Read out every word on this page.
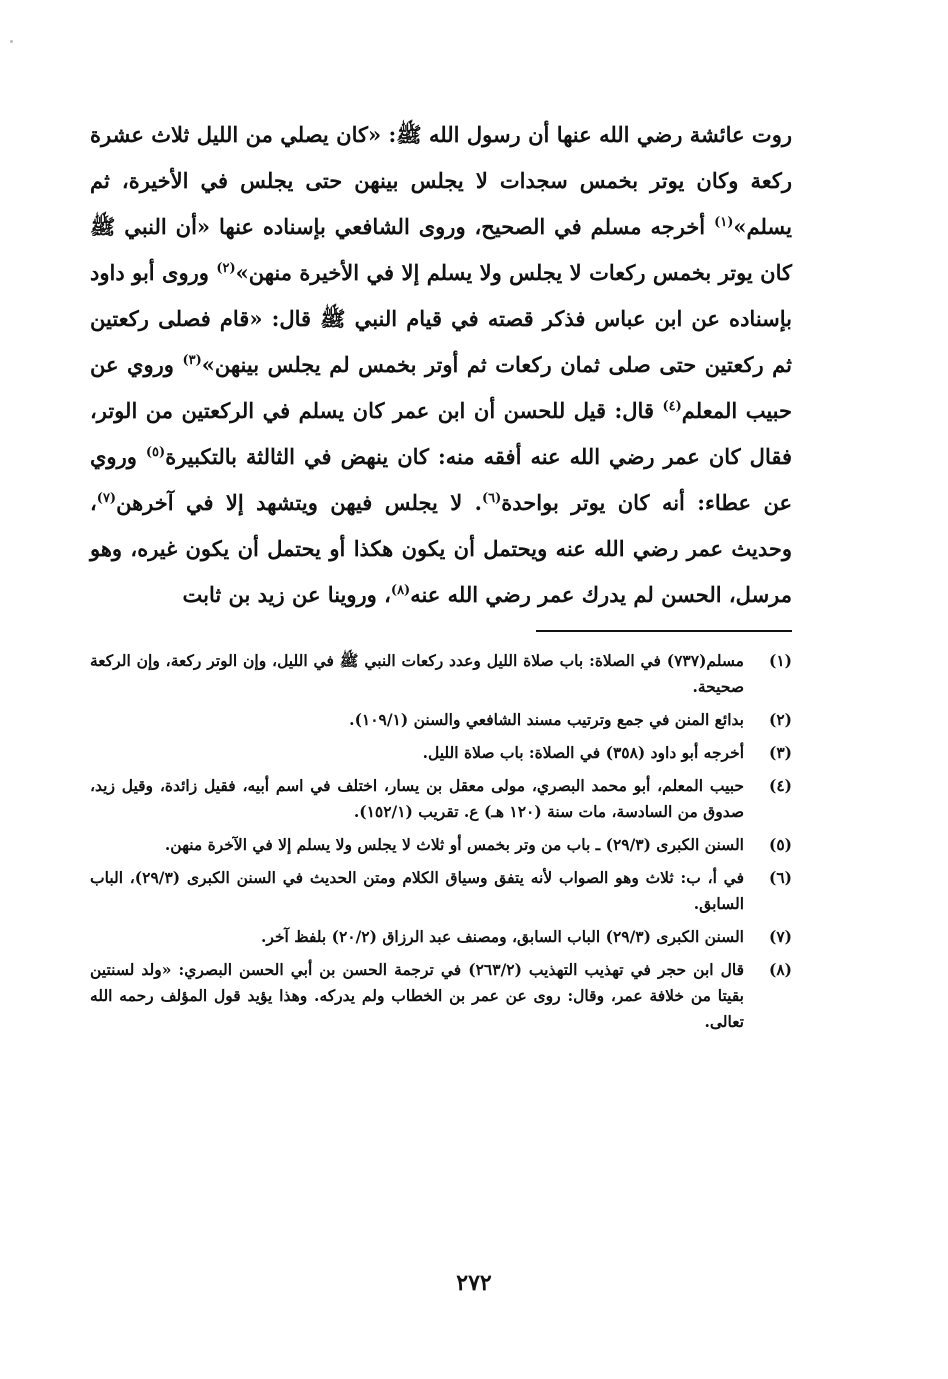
روت عائشة رضي الله عنها أن رسول الله ﷺ: «كان يصلي من الليل ثلاث عشرة ركعة وكان يوتر بخمس سجدات لا يجلس بينهن حتى يجلس في الأخيرة، ثم يسلم»$^{(١)}$ أخرجه مسلم في الصحيح، وروى الشافعي بإسناده عنها «أن النبي ﷺ كان يوتر بخمس ركعات لا يجلس ولا يسلم إلا في الأخيرة منهن»$^{(٢)}$ وروى أبو داود بإسناده عن ابن عباس فذكر قصته في قيام النبي ﷺ قال: «قام فصلى ركعتين ثم ركعتين حتى صلى ثمان ركعات ثم أوتر بخمس لم يجلس بينهن»$^{(٣)}$ وروي عن حبيب المعلم$^{(٤)}$ قال: قيل للحسن أن ابن عمر كان يسلم في الركعتين من الوتر، فقال كان عمر رضي الله عنه أفقه منه: كان ينهض في الثالثة بالتكبيرة$^{(٥)}$ وروي عن عطاء: أنه كان يوتر بواحدة$^{(٦)}$. لا يجلس فيهن ويتشهد إلا في آخرهن$^{(٧)}$، وحديث عمر رضي الله عنه ويحتمل أن يكون هكذا أو يحتمل أن يكون غيره، وهو مرسل، الحسن لم يدرك عمر رضي الله عنه$^{(٨)}$، وروينا عن زيد بن ثابت

(١)
مسلم(٧٣٧) في الصلاة: باب صلاة الليل وعدد ركعات النبي ﷺ في الليل، وإن الوتر ركعة، وإن الركعة صحيحة.
(٢)
بدائع المنن في جمع وترتيب مسند الشافعي والسنن (١٠٩/١).
(٣)
أخرجه أبو داود (٣٥٨) في الصلاة: باب صلاة الليل.
(٤)
حبيب المعلم، أبو محمد البصري، مولى معقل بن يسار، اختلف في اسم أبيه، فقيل زائدة، وقيل زيد، صدوق من السادسة، مات سنة (١٢٠ هـ) ع. تقريب (١٥٢/١).
(٥)
السنن الكبرى (٢٩/٣) ـ باب من وتر بخمس أو ثلاث لا يجلس ولا يسلم إلا في الآخرة منهن.
(٦)
في أ، ب: ثلاث وهو الصواب لأنه يتفق وسياق الكلام ومتن الحديث في السنن الكبرى (٢٩/٣)، الباب السابق.
(٧)
السنن الكبرى (٢٩/٣) الباب السابق، ومصنف عبد الرزاق (٢٠/٢) بلفظ آخر.
(٨)
قال ابن حجر في تهذيب التهذيب (٢٦٣/٢) في ترجمة الحسن بن أبي الحسن البصري: «ولد لسنتين بقيتا من خلافة عمر، وقال: روى عن عمر بن الخطاب ولم يدركه. وهذا يؤيد قول المؤلف رحمه الله تعالى.
٢٧٢
